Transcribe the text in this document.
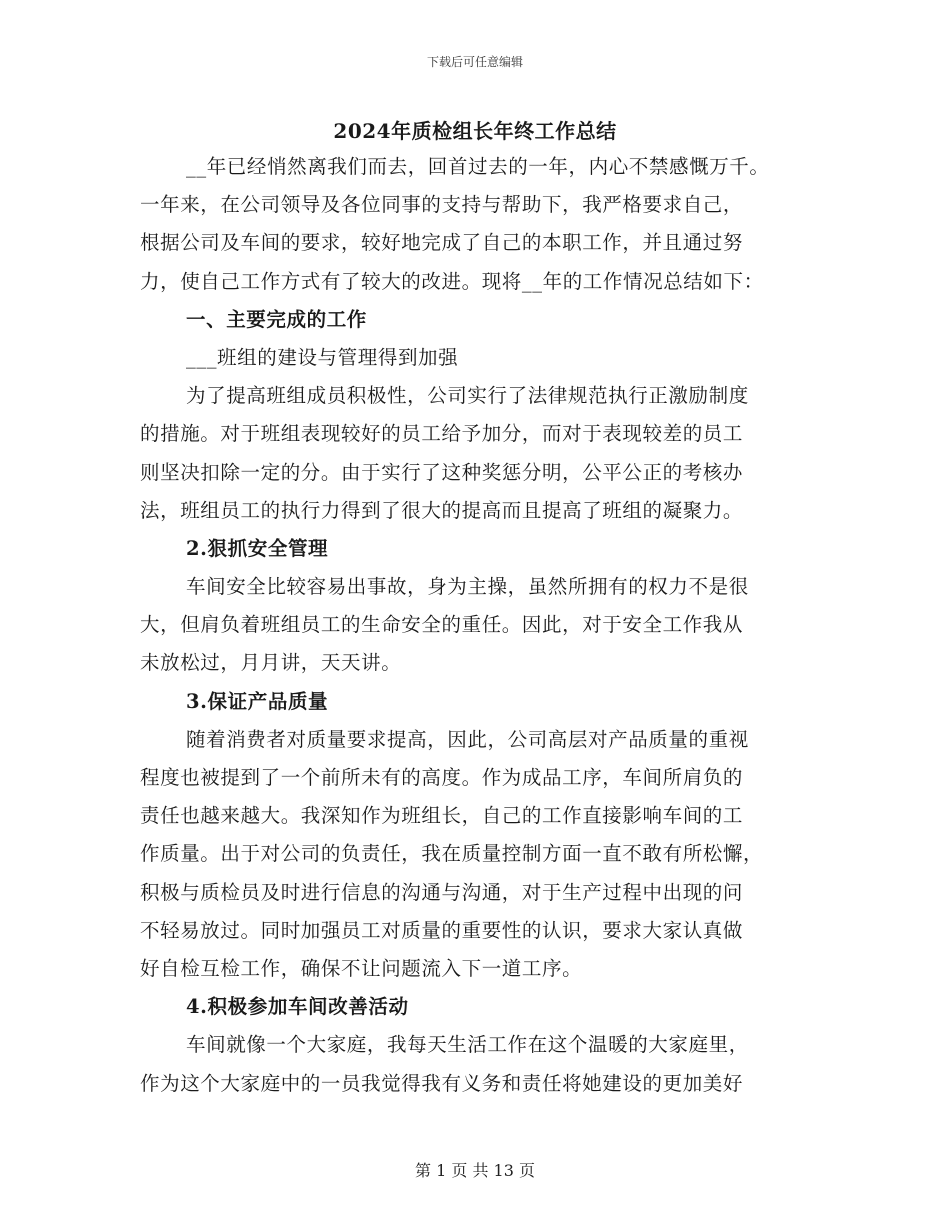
下载后可任意编辑
2024年质检组长年终工作总结
__年已经悄然离我们而去，回首过去的一年，内心不禁感慨万千。
一年来，在公司领导及各位同事的支持与帮助下，我严格要求自己，
根据公司及车间的要求，较好地完成了自己的本职工作，并且通过努
力，使自己工作方式有了较大的改进。现将__年的工作情况总结如下：
一、主要完成的工作
___班组的建设与管理得到加强
为了提高班组成员积极性，公司实行了法律规范执行正激励制度
的措施。对于班组表现较好的员工给予加分，而对于表现较差的员工
则坚决扣除一定的分。由于实行了这种奖惩分明，公平公正的考核办
法，班组员工的执行力得到了很大的提高而且提高了班组的凝聚力。
2.狠抓安全管理
车间安全比较容易出事故，身为主操，虽然所拥有的权力不是很
大，但肩负着班组员工的生命安全的重任。因此，对于安全工作我从
未放松过，月月讲，天天讲。
3.保证产品质量
随着消费者对质量要求提高，因此，公司高层对产品质量的重视
程度也被提到了一个前所未有的高度。作为成品工序，车间所肩负的
责任也越来越大。我深知作为班组长，自己的工作直接影响车间的工
作质量。出于对公司的负责任，我在质量控制方面一直不敢有所松懈，
积极与质检员及时进行信息的沟通与沟通，对于生产过程中出现的问
不轻易放过。同时加强员工对质量的重要性的认识，要求大家认真做
好自检互检工作，确保不让问题流入下一道工序。
4.积极参加车间改善活动
车间就像一个大家庭，我每天生活工作在这个温暖的大家庭里，
作为这个大家庭中的一员我觉得我有义务和责任将她建设的更加美好
第 1 页 共 13 页
